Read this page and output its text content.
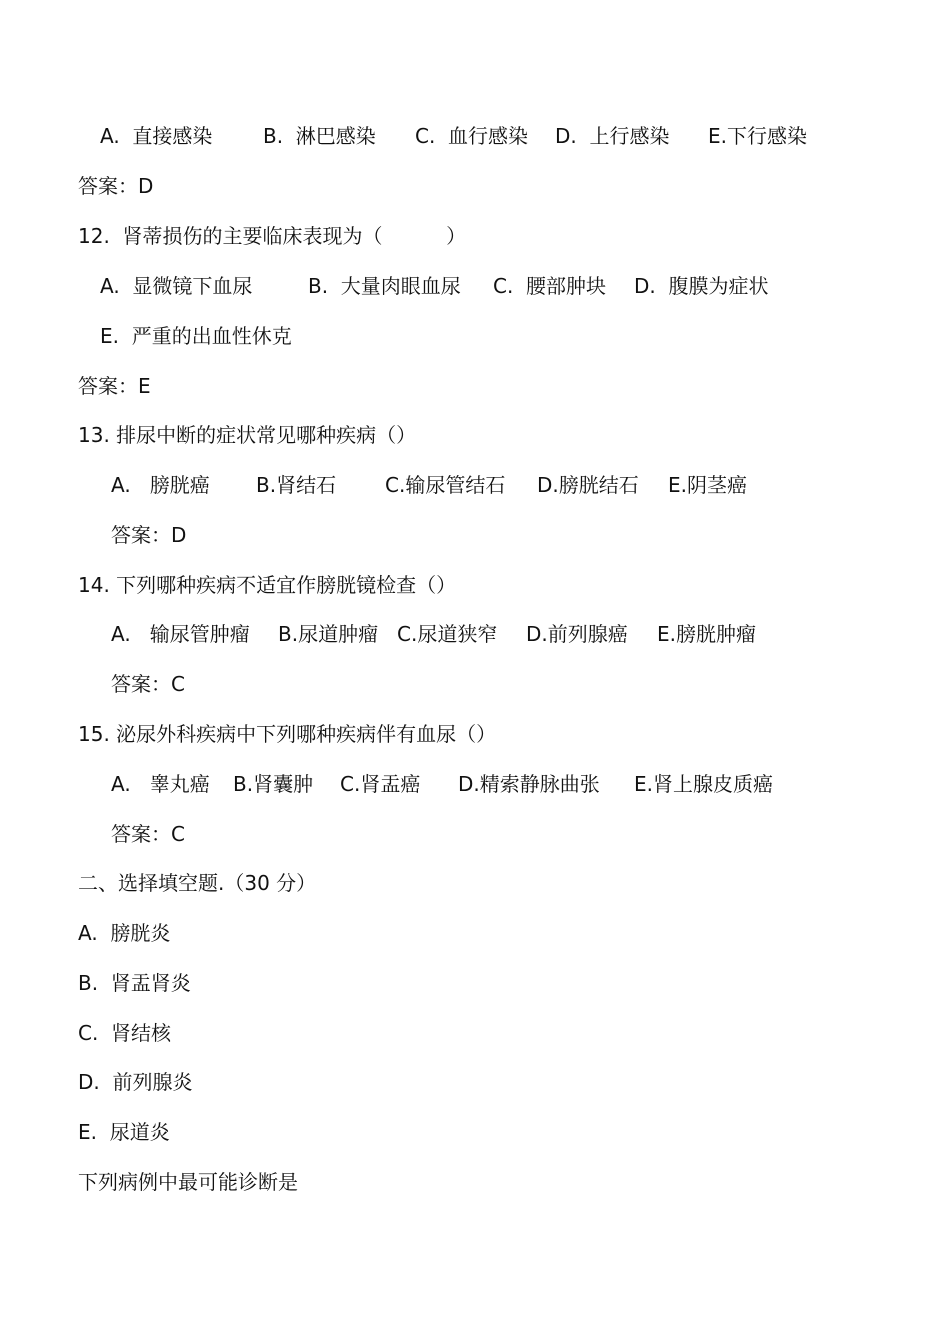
A.  直接感染	B.  淋巴感染	C.  血行感染	D.  上行感染	E.下行感染
答案：D
12.  肾蒂损伤的主要临床表现为（          ）
A.  显微镜下血尿	B.  大量肉眼血尿	C.  腰部肿块	D.  腹膜为症状
E.  严重的出血性休克
答案：E
13. 排尿中断的症状常见哪种疾病（）
A.   膀胱癌	B.肾结石	C.输尿管结石	D.膀胱结石	E.阴茎癌
答案：D
14. 下列哪种疾病不适宜作膀胱镜检查（）
A.   输尿管肿瘤	B.尿道肿瘤 C.尿道狭窄	D.前列腺癌	E.膀胱肿瘤
答案：C
15. 泌尿外科疾病中下列哪种疾病伴有血尿（）
A.   睾丸癌	B.肾囊肿	C.肾盂癌	D.精索静脉曲张	E.肾上腺皮质癌
答案：C
二、选择填空题.（30 分）
A.  膀胱炎
B.  肾盂肾炎
C.  肾结核
D.  前列腺炎
E.  尿道炎
下列病例中最可能诊断是
